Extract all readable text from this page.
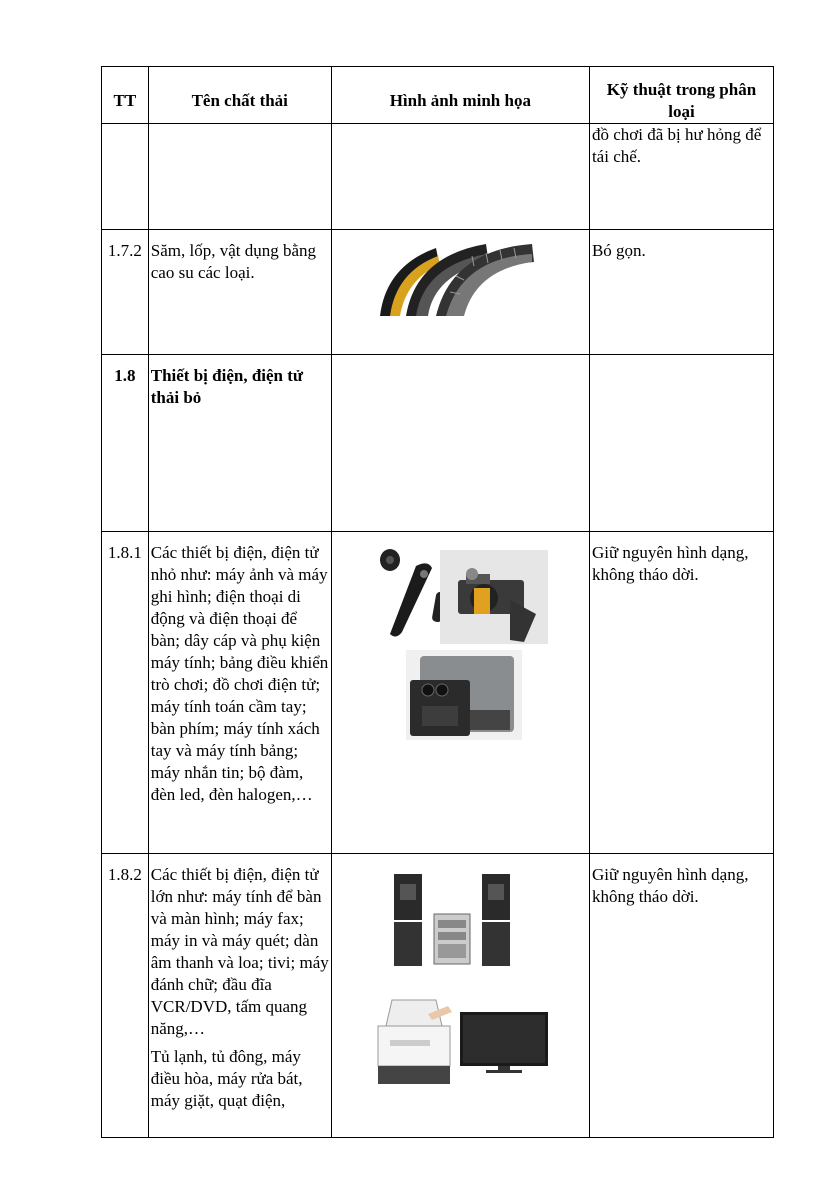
TT	Tên chất thải	Hình ảnh minh họa	Kỹ thuật trong phân loại
			đồ chơi đã bị hư hỏng để tái chế.
1.7.2	Săm, lốp, vật dụng bằng cao su các loại.		Bó gọn.
1.8	Thiết bị điện, điện tử thải bỏ		
1.8.1	Các thiết bị điện, điện tử nhỏ như: máy ảnh và máy ghi hình; điện thoại di động và điện thoại để bàn; dây cáp và phụ kiện máy tính; bảng điều khiển trò chơi; đồ chơi điện tử; máy tính toán cầm tay; bàn phím; máy tính xách tay và máy tính bảng; máy nhắn tin; bộ đàm, đèn led, đèn halogen,…		Giữ nguyên hình dạng, không tháo dời.
1.8.2	Các thiết bị điện, điện tử lớn như: máy tính để bàn và màn hình; máy fax; máy in và máy quét; dàn âm thanh và loa; tivi; máy đánh chữ; đầu đĩa VCR/DVD, tấm quang năng,…

Tủ lạnh, tủ đông, máy điều hòa, máy rửa bát, máy giặt, quạt điện,		Giữ nguyên hình dạng, không tháo dời.
